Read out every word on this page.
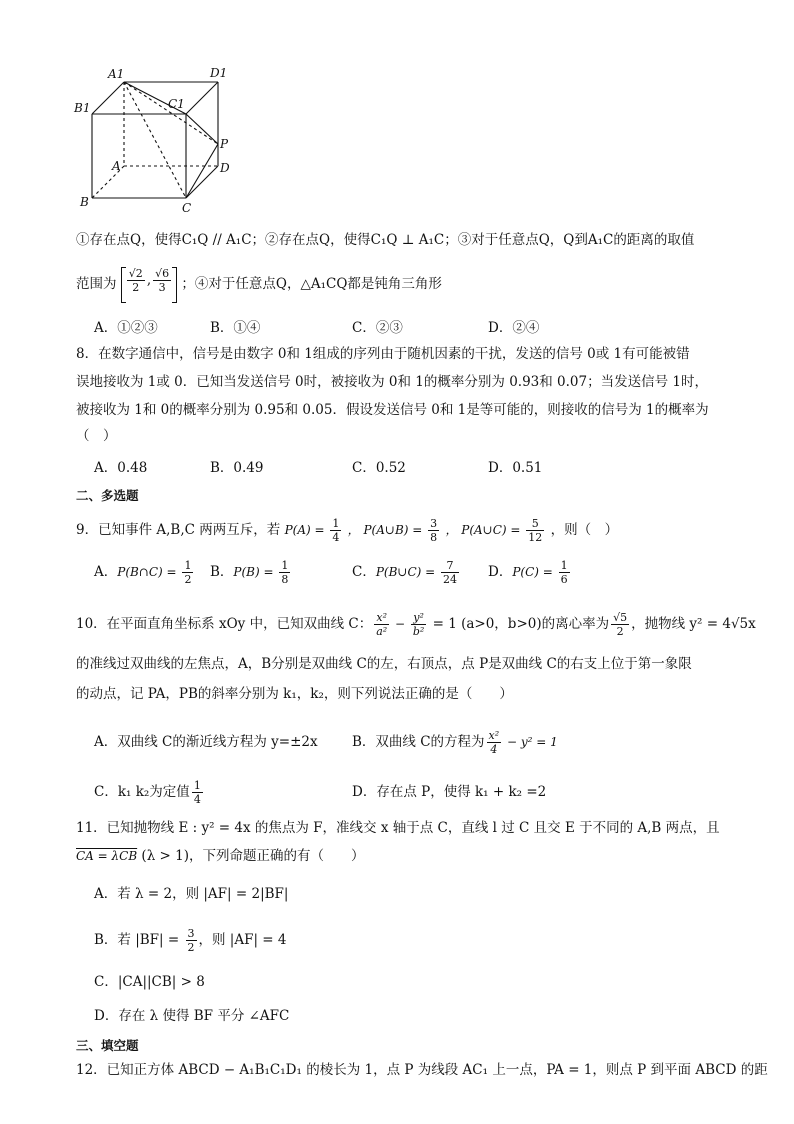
A1	D1
B1	C1
A
P
D
B	C
①存在点Q，使得C₁Q // A₁C；②存在点Q，使得C₁Q ⊥ A₁C；③对于任意点Q，Q到A₁C的距离的取值
范围为 $\frac{√2}{2}$ , $\frac{√6}{3}$ ；④对于任意点Q，△A₁CQ都是钝角三角形
A．①②③	B．①④	C．②③	D．②④
8．在数字通信中，信号是由数字 0和 1组成的序列由于随机因素的干扰，发送的信号 0或 1有可能被错
误地接收为 1或 0．已知当发送信号 0时，被接收为 0和 1的概率分别为 0.93和 0.07；当发送信号 1时，
被接收为 1和 0的概率分别为 0.95和 0.05．假设发送信号 0和 1是等可能的，则接收的信号为 1的概率为
（　）
A．0.48	B．0.49	C．0.52	D．0.51
二、多选题
9．已知事件 A,B,C 两两互斥，若 $P(A) = \frac{1}{4}$ ， P(A∪B) = $\frac{3}{8}$ ， P(A∪C) = $\frac{5}{12}$ ，则（　）
A．P(B∩C) = $\frac{1}{2}$ B．$P(B) = \frac{1}{8}$	C．P(B∪C) = $\frac{7}{24}$ D．$P(C) = \frac{1}{6}$
10．在平面直角坐标系 xOy 中，已知双曲线 C： $\frac{\text{x²}}{\text{a²}} - \frac{\text{y²}}{\text{b²}} = 1$ (a>0，b>0)的离心率为 $\frac{√5}{2}$ ，抛物线 y² = 4√5x
的准线过双曲线的左焦点，A，B分别是双曲线 C的左，右顶点，点 P是双曲线 C的右支上位于第一象限
的动点，记 PA，PB的斜率分别为 k₁，k₂，则下列说法正确的是（　　）
A．双曲线 C的渐近线方程为 y=±2x	B．双曲线 C的方程为 $\frac{\text{x²}}{4} - y^2 = 1$
C．k₁ k₂为定值 $\frac{1}{4}$	D．存在点 P，使得 k₁ + k₂ =2
11．已知抛物线 E : y² = 4x 的焦点为 F，准线交 x 轴于点 C，直线 l 过 C 且交 E 于不同的 A,B 两点，且
CA = λCB (λ > 1)，下列命题正确的有（　　）
A．若 λ = 2，则 |AF| = 2|BF|
B．若 $|BF| = \frac{3}{2}$ ，则 |AF| = 4
C．|CA||CB| > 8
D．存在 λ 使得 BF 平分 ∠AFC
三、填空题
12．已知正方体 ABCD − A₁B₁C₁D₁ 的棱长为 1，点 P 为线段 AC₁ 上一点，PA = 1，则点 P 到平面 ABCD 的距
